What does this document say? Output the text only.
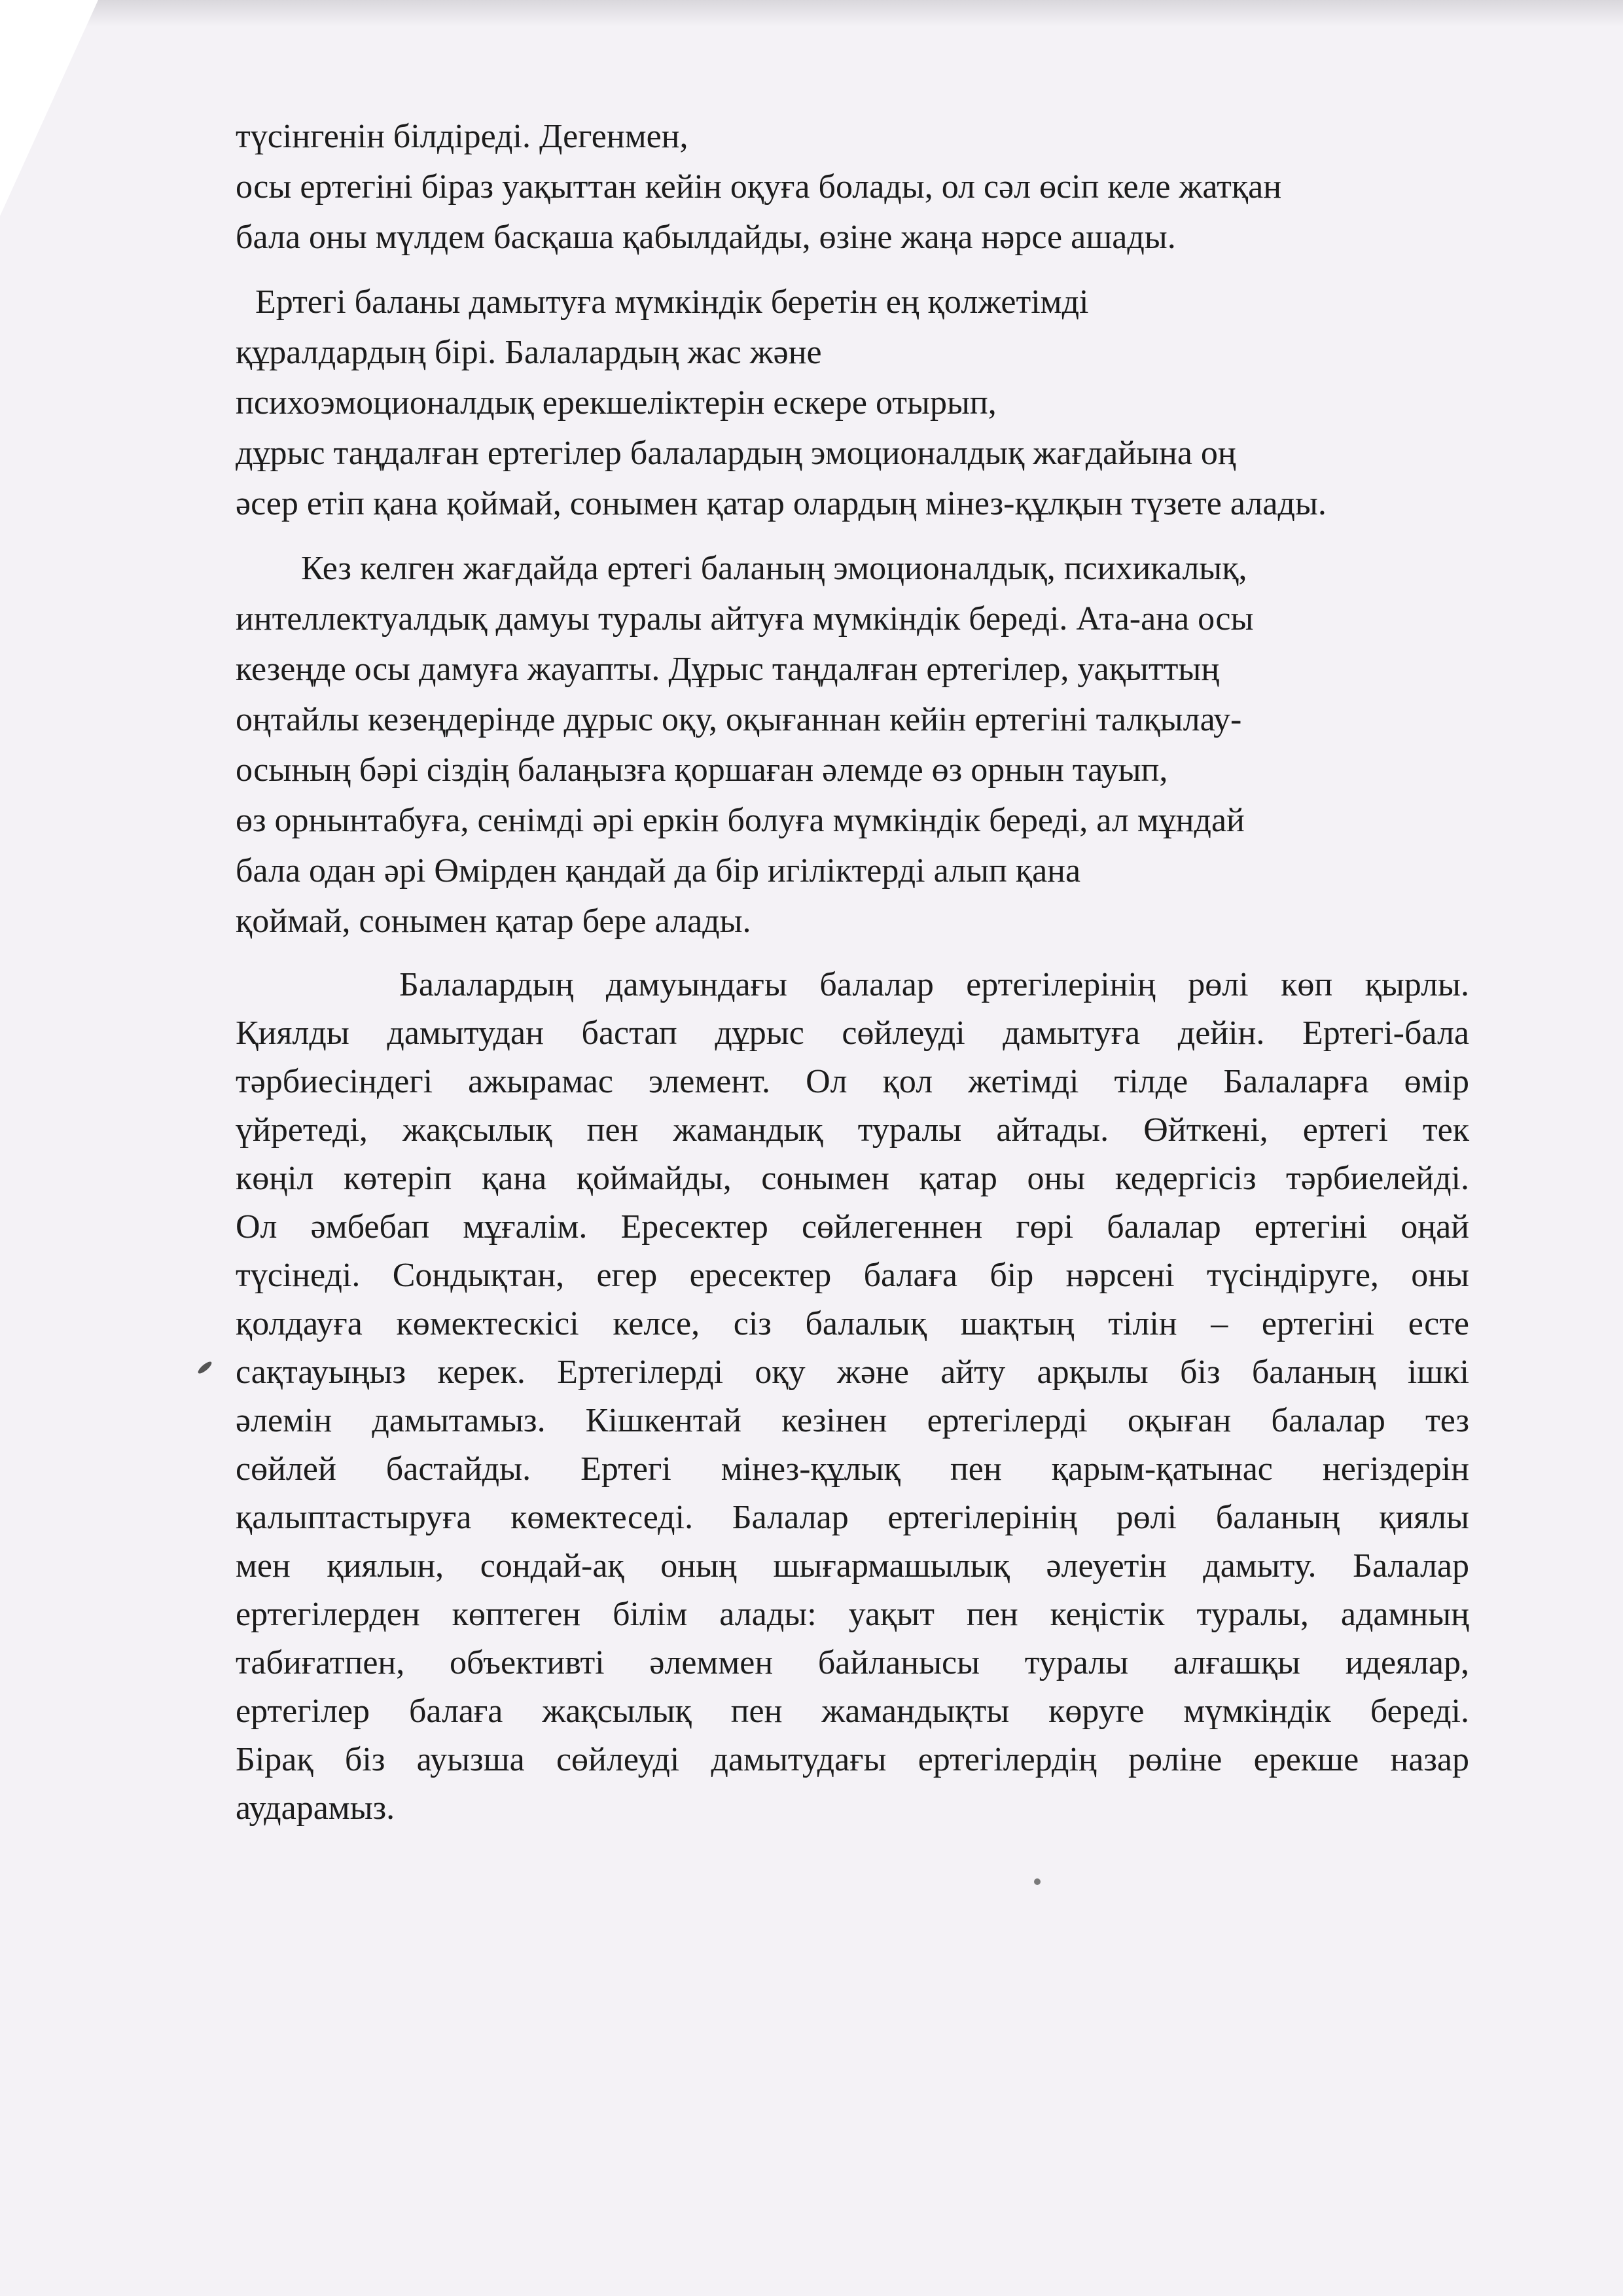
түсінгенін білдіреді. Дегенмен,

осы ертегіні біраз уақыттан кейін оқуға болады, ол сәл өсіп келе жатқан

бала оны мүлдем басқаша қабылдайды, өзіне жаңа нәрсе ашады.

Ертегі баланы дамытуға мүмкіндік беретін ең қолжетімді

құралдардың бірі. Балалардың жас және

психоэмоционалдық ерекшеліктерін ескере отырып,

дұрыс таңдалған ертегілер балалардың эмоционалдық жағдайына оң

әсер етіп қана қоймай, сонымен қатар олардың мінез-құлқын түзете алады.

Кез келген жағдайда ертегі баланың эмоционалдық, психикалық,

интеллектуалдық дамуы туралы айтуға мүмкіндік береді. Ата-ана осы

кезеңде осы дамуға жауапты. Дұрыс таңдалған ертегілер, уақыттың

оңтайлы кезеңдерінде дұрыс оқу, оқығаннан кейін ертегіні талқылау-

осының бәрі сіздің балаңызға қоршаған әлемде өз орнын тауып,

өз орнынтабуға, сенімді әрі еркін болуға мүмкіндік береді, ал мұндай

бала одан әрі Өмірден қандай да бір игіліктерді алып қана

қоймай, сонымен қатар бере алады.

Балалардың дамуындағы балалар ертегілерінің рөлі көп қырлы.
Қиялды дамытудан бастап дұрыс сөйлеуді дамытуға дейін. Ертегі-бала
тәрбиесіндегі ажырамас элемент. Ол қол жетімді тілде Балаларға өмір
үйретеді, жақсылық пен жамандық туралы айтады. Өйткені, ертегі тек
көңіл көтеріп қана қоймайды, сонымен қатар оны кедергісіз тәрбиелейді.
Ол әмбебап мұғалім. Ересектер сөйлегеннен гөрі балалар ертегіні оңай
түсінеді. Сондықтан, егер ересектер балаға бір нәрсені түсіндіруге, оны
қолдауға көмектескісі келсе, сіз балалық шақтың тілін – ертегіні есте
сақтауыңыз керек. Ертегілерді оқу және айту арқылы біз баланың ішкі
әлемін дамытамыз. Кішкентай кезінен ертегілерді оқыған балалар тез
сөйлей бастайды. Ертегі мінез-құлық пен қарым-қатынас негіздерін
қалыптастыруға көмектеседі. Балалар ертегілерінің рөлі баланың қиялы
мен қиялын, сондай-ақ оның шығармашылық әлеуетін дамыту. Балалар
ертегілерден көптеген білім алады: уақыт пен кеңістік туралы, адамның
табиғатпен, объективті әлеммен байланысы туралы алғашқы идеялар,
ертегілер балаға жақсылық пен жамандықты көруге мүмкіндік береді.
Бірақ біз ауызша сөйлеуді дамытудағы ертегілердің рөліне ерекше назар
аударамыз.
